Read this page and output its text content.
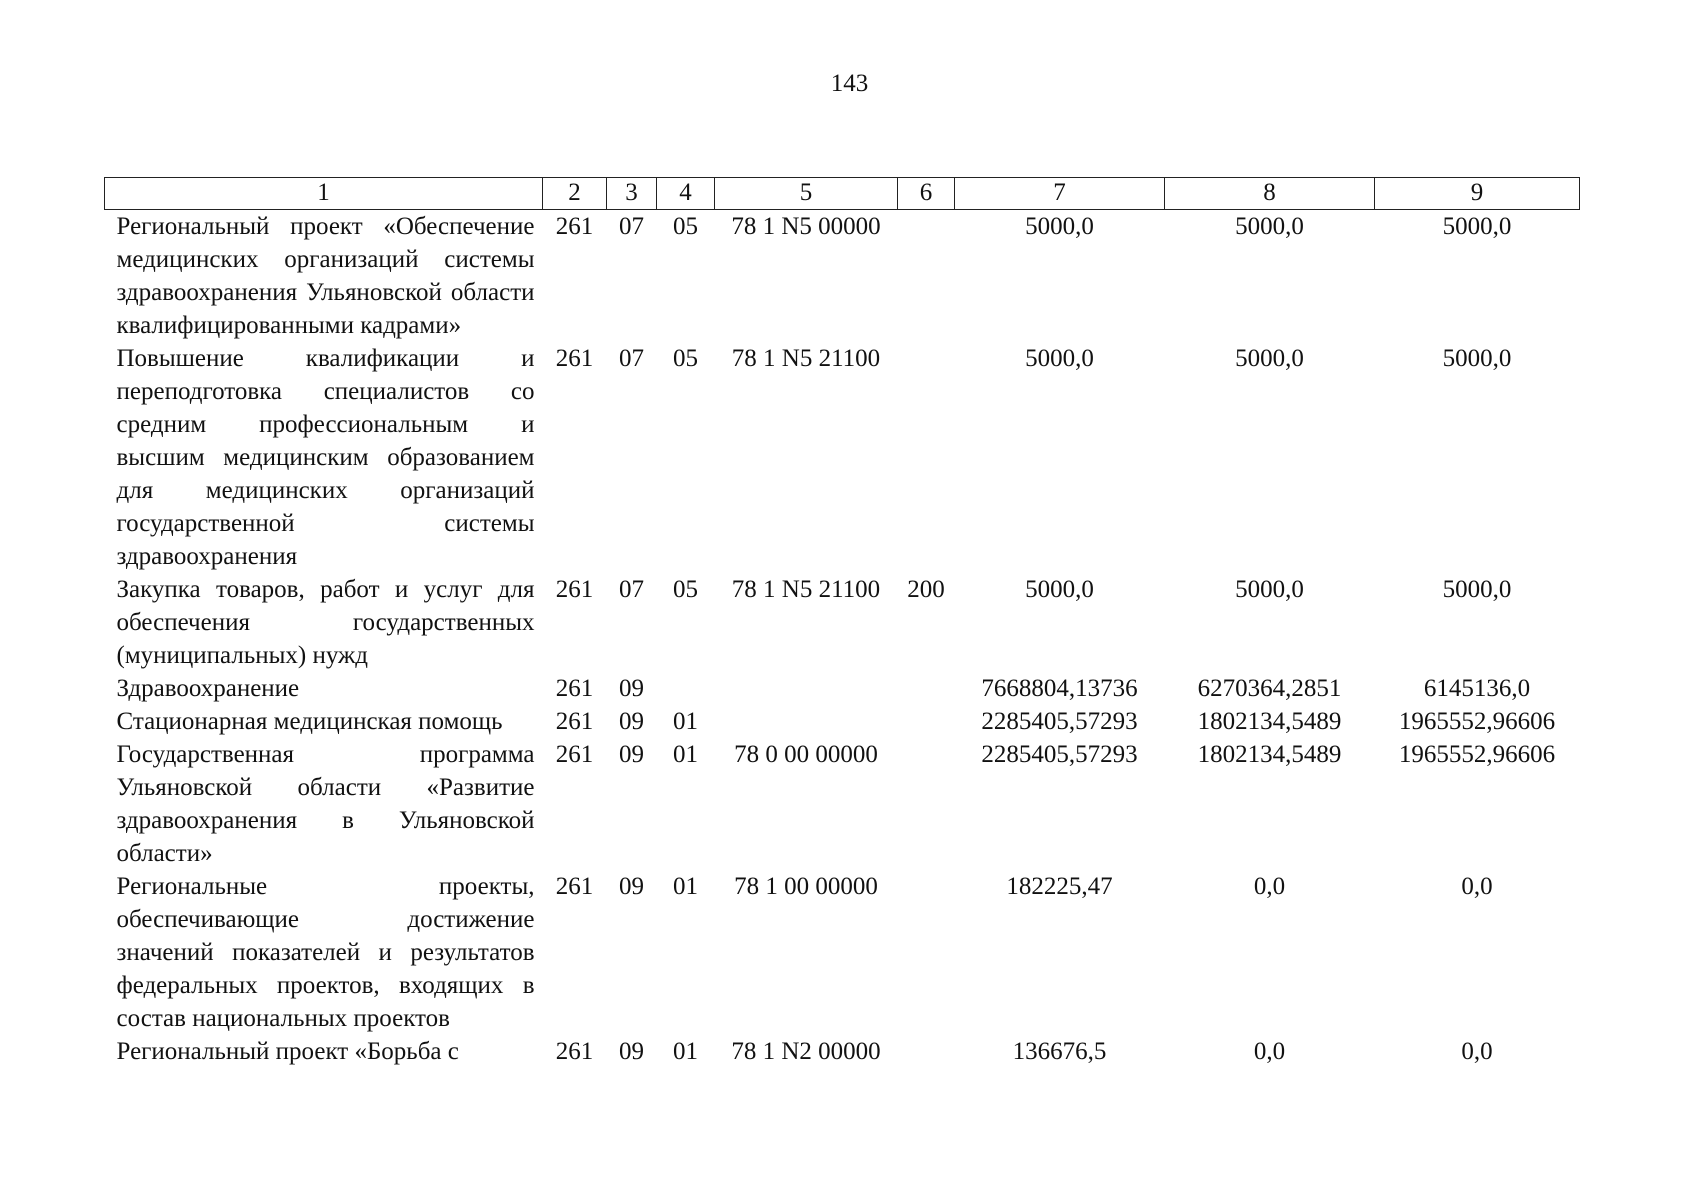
143
1	2	3	4	5	6	7	8	9
Региональный проект «Обеспечение медицинских организаций системы здравоохранения Ульяновской области квалифицированными кадрами»	261	07	05	78 1 N5 00000		5000,0	5000,0	5000,0
Повышение квалификации и переподготовка специалистов со средним профессиональным и высшим медицинским образованием для медицинских организаций государственной системы здравоохранения	261	07	05	78 1 N5 21100		5000,0	5000,0	5000,0
Закупка товаров, работ и услуг для обеспечения государственных (муниципальных) нужд	261	07	05	78 1 N5 21100	200	5000,0	5000,0	5000,0
Здравоохранение	261	09				7668804,13736	6270364,2851	6145136,0
Стационарная медицинская помощь	261	09	01			2285405,57293	1802134,5489	1965552,96606
Государственная программа Ульяновской области «Развитие здравоохранения в Ульяновской области»	261	09	01	78 0 00 00000		2285405,57293	1802134,5489	1965552,96606
Региональные проекты, обеспечивающие достижение значений показателей и результатов федеральных проектов, входящих в состав национальных проектов	261	09	01	78 1 00 00000		182225,47	0,0	0,0
Региональный проект «Борьба с	261	09	01	78 1 N2 00000		136676,5	0,0	0,0
